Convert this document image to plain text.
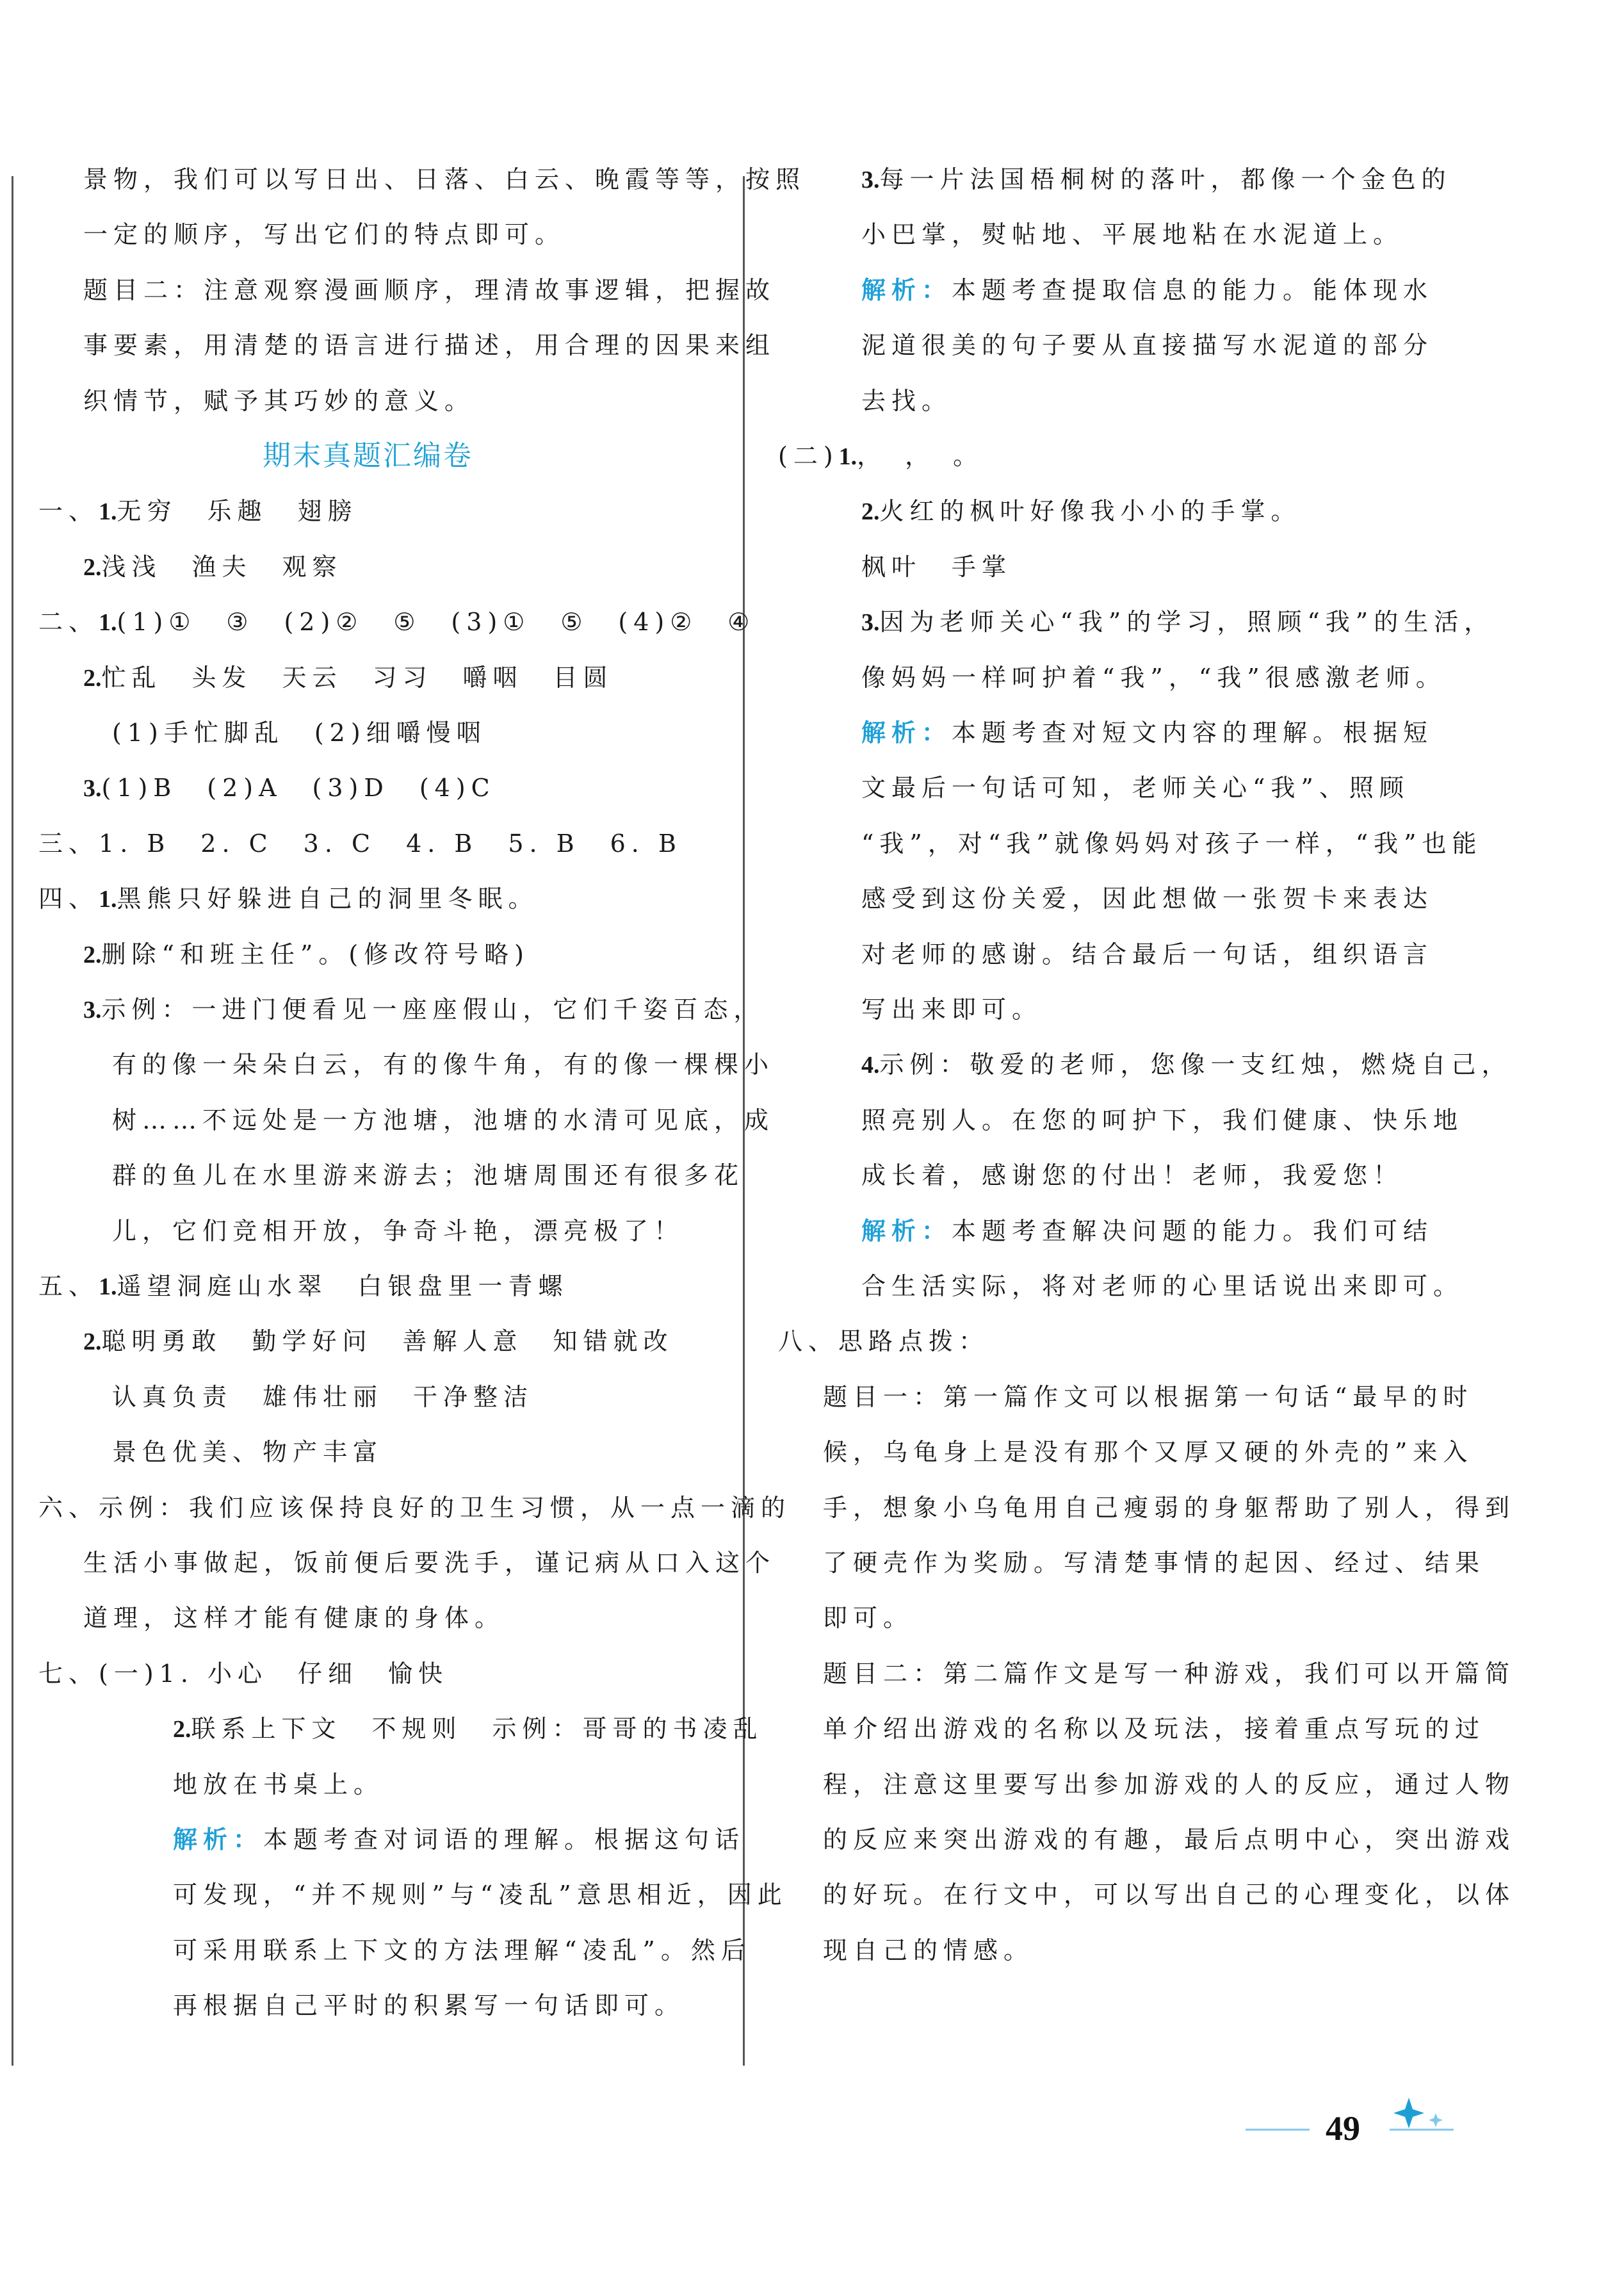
景物，我们可以写日出、日落、白云、晚霞等等，按照
一定的顺序，写出它们的特点即可。
题目二：注意观察漫画顺序，理清故事逻辑，把握故
事要素，用清楚的语言进行描述，用合理的因果来组
织情节，赋予其巧妙的意义。
期末真题汇编卷
一、1.无穷　乐趣　翅膀
2.浅浅　渔夫　观察
二、1.(1)①　③　(2)②　⑤　(3)①　⑤　(4)②　④
2.忙乱　头发　天云　习习　嚼咽　目圆
(1)手忙脚乱　(2)细嚼慢咽
3.(1)B　(2)A　(3)D　(4)C
三、1. B　2. C　3. C　4. B　5. B　6. B
四、1.黑熊只好躲进自己的洞里冬眠。
2.删除“和班主任”。(修改符号略)
3.示例：一进门便看见一座座假山，它们千姿百态，
有的像一朵朵白云，有的像牛角，有的像一棵棵小
树……不远处是一方池塘，池塘的水清可见底，成
群的鱼儿在水里游来游去；池塘周围还有很多花
儿，它们竞相开放，争奇斗艳，漂亮极了！
五、1.遥望洞庭山水翠　白银盘里一青螺
2.聪明勇敢　勤学好问　善解人意　知错就改
认真负责　雄伟壮丽　干净整洁
景色优美、物产丰富
六、示例：我们应该保持良好的卫生习惯，从一点一滴的
生活小事做起，饭前便后要洗手，谨记病从口入这个
道理，这样才能有健康的身体。
七、(一)1. 小心　仔细　愉快
2.联系上下文　不规则　示例：哥哥的书凌乱
地放在书桌上。
解析：本题考查对词语的理解。根据这句话
可发现，“并不规则”与“凌乱”意思相近，因此
可采用联系上下文的方法理解“凌乱”。然后
再根据自己平时的积累写一句话即可。
3.每一片法国梧桐树的落叶，都像一个金色的
小巴掌，熨帖地、平展地粘在水泥道上。
解析：本题考查提取信息的能力。能体现水
泥道很美的句子要从直接描写水泥道的部分
去找。
(二)1.，　，　。
2.火红的枫叶好像我小小的手掌。
枫叶　手掌
3.因为老师关心“我”的学习，照顾“我”的生活，
像妈妈一样呵护着“我”，“我”很感激老师。
解析：本题考查对短文内容的理解。根据短
文最后一句话可知，老师关心“我”、照顾
“我”，对“我”就像妈妈对孩子一样，“我”也能
感受到这份关爱，因此想做一张贺卡来表达
对老师的感谢。结合最后一句话，组织语言
写出来即可。
4.示例：敬爱的老师，您像一支红烛，燃烧自己，
照亮别人。在您的呵护下，我们健康、快乐地
成长着，感谢您的付出！老师，我爱您！
解析：本题考查解决问题的能力。我们可结
合生活实际，将对老师的心里话说出来即可。
八、思路点拨：
题目一：第一篇作文可以根据第一句话“最早的时
候，乌龟身上是没有那个又厚又硬的外壳的”来入
手，想象小乌龟用自己瘦弱的身躯帮助了别人，得到
了硬壳作为奖励。写清楚事情的起因、经过、结果
即可。
题目二：第二篇作文是写一种游戏，我们可以开篇简
单介绍出游戏的名称以及玩法，接着重点写玩的过
程，注意这里要写出参加游戏的人的反应，通过人物
的反应来突出游戏的有趣，最后点明中心，突出游戏
的好玩。在行文中，可以写出自己的心理变化，以体
现自己的情感。
49
